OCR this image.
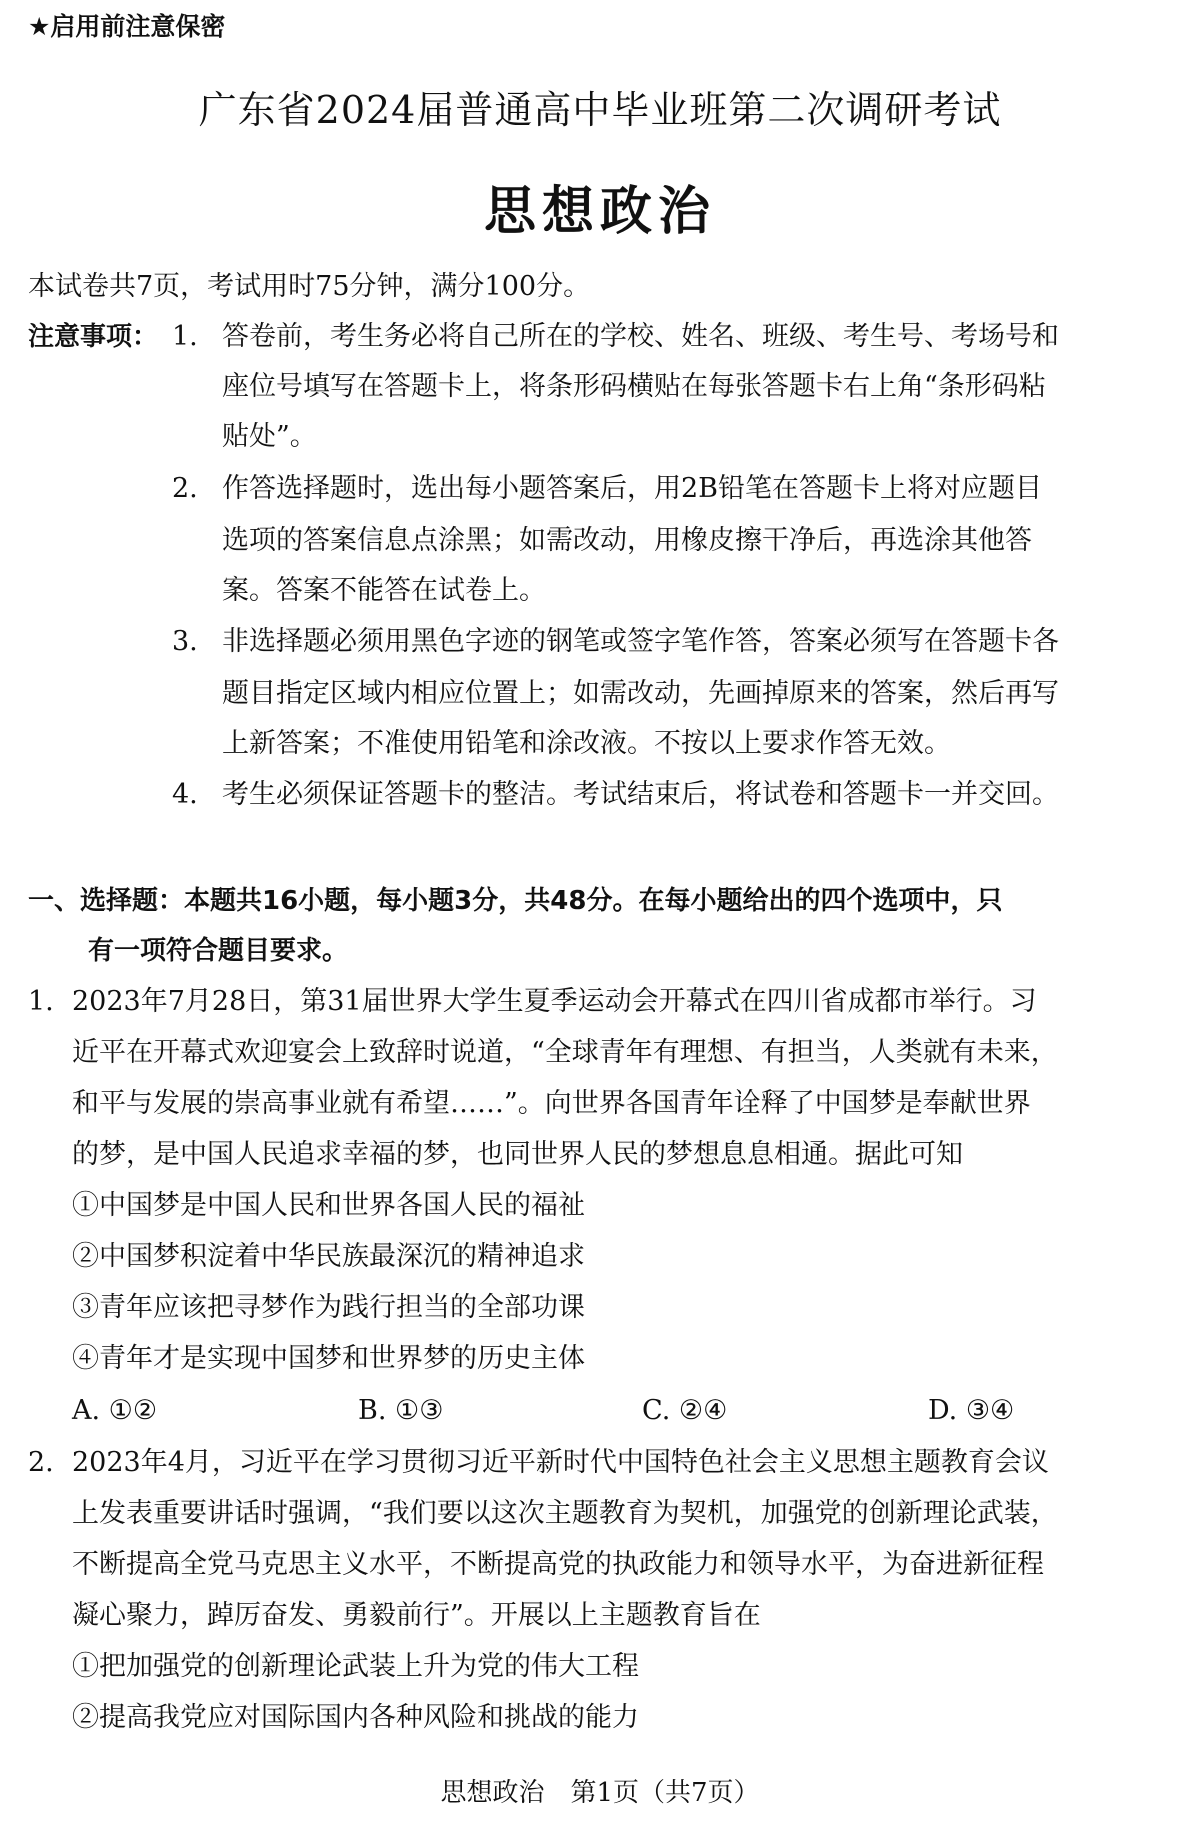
★启用前注意保密
广东省2024届普通高中毕业班第二次调研考试
思想政治
本试卷共7页，考试用时75分钟，满分100分。
注意事项： 1. 答卷前，考生务必将自己所在的学校、姓名、班级、考生号、考场号和
座位号填写在答题卡上，将条形码横贴在每张答题卡右上角“条形码粘
贴处”。
2. 作答选择题时，选出每小题答案后，用2B铅笔在答题卡上将对应题目
选项的答案信息点涂黑；如需改动，用橡皮擦干净后，再选涂其他答
案。答案不能答在试卷上。
3. 非选择题必须用黑色字迹的钢笔或签字笔作答，答案必须写在答题卡各
题目指定区域内相应位置上；如需改动，先画掉原来的答案，然后再写
上新答案；不准使用铅笔和涂改液。不按以上要求作答无效。
4. 考生必须保证答题卡的整洁。考试结束后，将试卷和答题卡一并交回。
一、选择题：本题共16小题，每小题3分，共48分。在每小题给出的四个选项中，只
有一项符合题目要求。
1. 2023年7月28日，第31届世界大学生夏季运动会开幕式在四川省成都市举行。习
近平在开幕式欢迎宴会上致辞时说道，“全球青年有理想、有担当，人类就有未来，
和平与发展的崇高事业就有希望……”。向世界各国青年诠释了中国梦是奉献世界
的梦，是中国人民追求幸福的梦，也同世界人民的梦想息息相通。据此可知
①中国梦是中国人民和世界各国人民的福祉
②中国梦积淀着中华民族最深沉的精神追求
③青年应该把寻梦作为践行担当的全部功课
④青年才是实现中国梦和世界梦的历史主体
A. ①②	B. ①③	C. ②④	D. ③④
2. 2023年4月，习近平在学习贯彻习近平新时代中国特色社会主义思想主题教育会议
上发表重要讲话时强调，“我们要以这次主题教育为契机，加强党的创新理论武装，
不断提高全党马克思主义水平，不断提高党的执政能力和领导水平，为奋进新征程
凝心聚力，踔厉奋发、勇毅前行”。开展以上主题教育旨在
①把加强党的创新理论武装上升为党的伟大工程
②提高我党应对国际国内各种风险和挑战的能力
思想政治　第1页（共7页）
